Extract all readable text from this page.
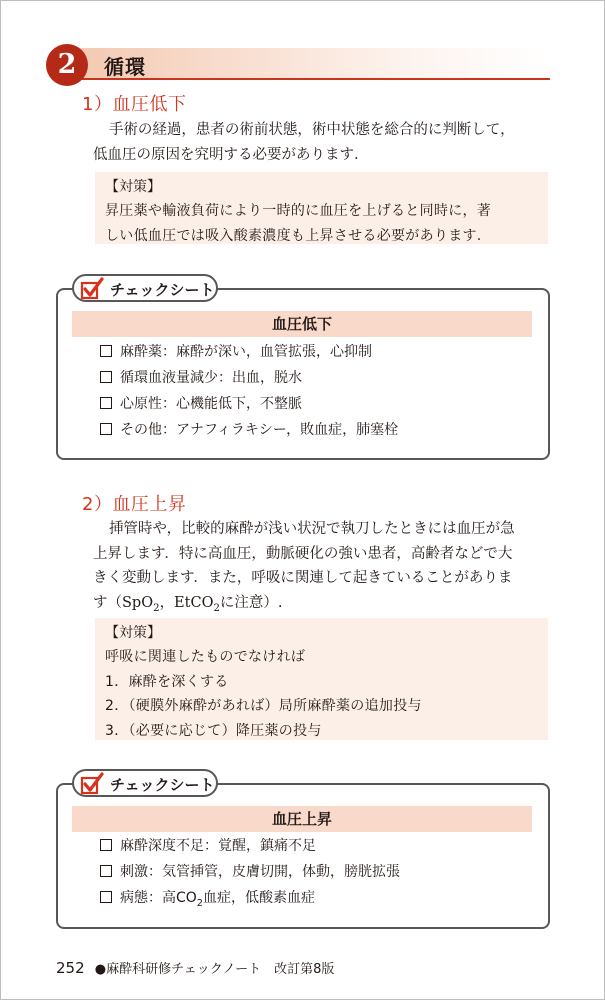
2	循環
1）血圧低下
手術の経過，患者の術前状態，術中状態を総合的に判断して，
低血圧の原因を究明する必要があります.
【対策】
昇圧薬や輸液負荷により一時的に血圧を上げると同時に，著
しい低血圧では吸入酸素濃度も上昇させる必要があります.
チェックシート
血圧低下
麻酔薬：麻酔が深い，血管拡張，心抑制
循環血液量減少：出血，脱水
心原性：心機能低下，不整脈
その他：アナフィラキシー，敗血症，肺塞栓
2）血圧上昇
挿管時や，比較的麻酔が浅い状況で執刀したときには血圧が急
上昇します．特に高血圧，動脈硬化の強い患者，高齢者などで大
きく変動します．また，呼吸に関連して起きていることがありま
す（SpO$_2$，EtCO$_2$に注意）.
【対策】
呼吸に関連したものでなければ
1．麻酔を深くする
2．（硬膜外麻酔があれば）局所麻酔薬の追加投与
3．（必要に応じて）降圧薬の投与
チェックシート
血圧上昇
麻酔深度不足：覚醒，鎮痛不足
刺激：気管挿管，皮膚切開，体動，膀胱拡張
病態：高$CO_2$血症，低酸素血症
252 ●麻酔科研修チェックノート　改訂第8版
